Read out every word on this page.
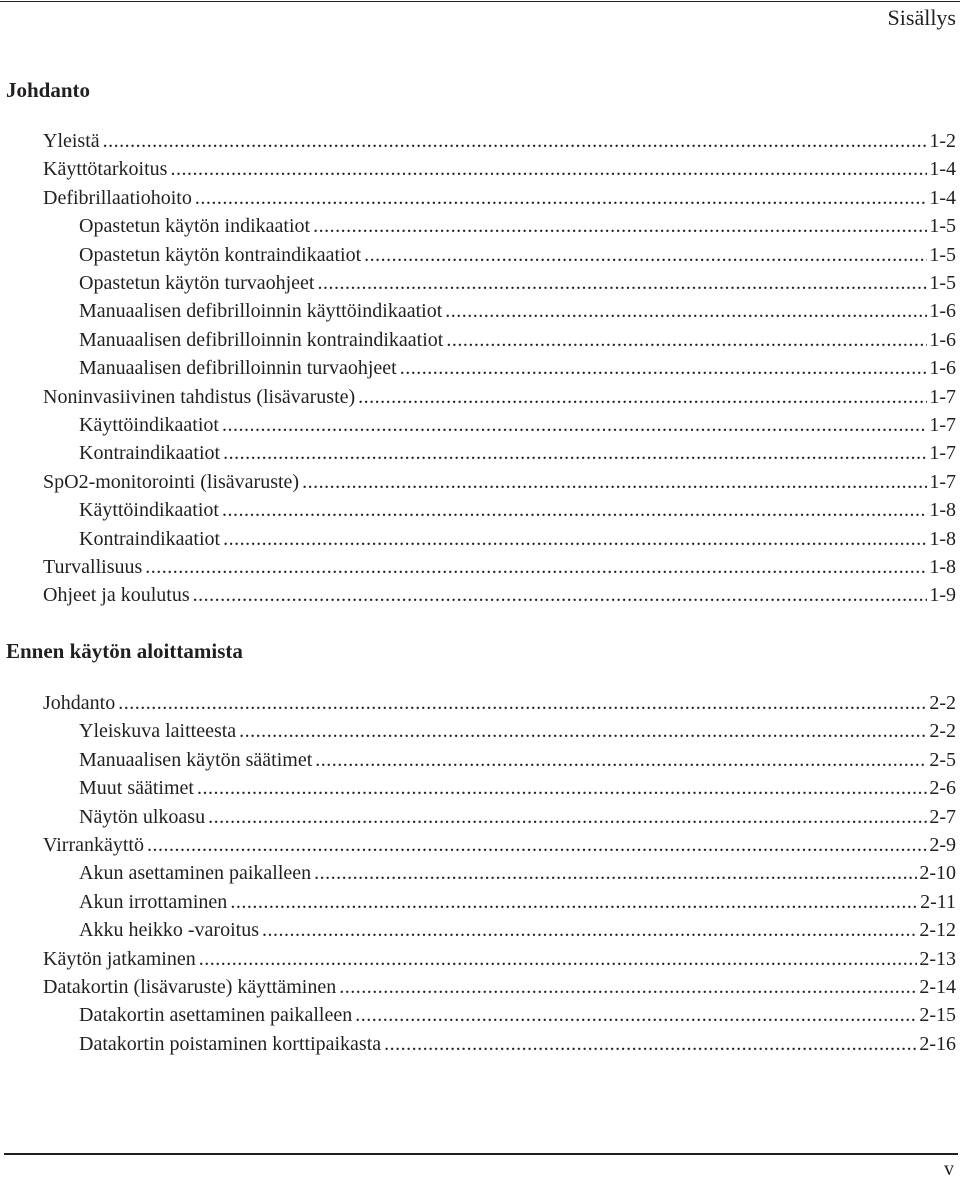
Sisällys
Johdanto
Yleistä .....	1-2
Käyttötarkoitus .....	1-4
Defibrillaatiohoito .....	1-4
Opastetun käytön indikaatiot .....	1-5
Opastetun käytön kontraindikaatiot .....	1-5
Opastetun käytön turvaohjeet .....	1-5
Manuaalisen defibrilloinnin käyttöindikaatiot .....	1-6
Manuaalisen defibrilloinnin kontraindikaatiot .....	1-6
Manuaalisen defibrilloinnin turvaohjeet .....	1-6
Noninvasiivinen tahdistus (lisävaruste) .....	1-7
Käyttöindikaatiot .....	1-7
Kontraindikaatiot .....	1-7
SpO2-monitorointi (lisävaruste) .....	1-7
Käyttöindikaatiot .....	1-8
Kontraindikaatiot .....	1-8
Turvallisuus .....	1-8
Ohjeet ja koulutus .....	1-9
Ennen käytön aloittamista
Johdanto .....	2-2
Yleiskuva laitteesta .....	2-2
Manuaalisen käytön säätimet .....	2-5
Muut säätimet .....	2-6
Näytön ulkoasu .....	2-7
Virrankäyttö .....	2-9
Akun asettaminen paikalleen .....	2-10
Akun irrottaminen .....	2-11
Akku heikko -varoitus .....	2-12
Käytön jatkaminen .....	2-13
Datakortin (lisävaruste) käyttäminen .....	2-14
Datakortin asettaminen paikalleen .....	2-15
Datakortin poistaminen korttipaikasta .....	2-16
v
